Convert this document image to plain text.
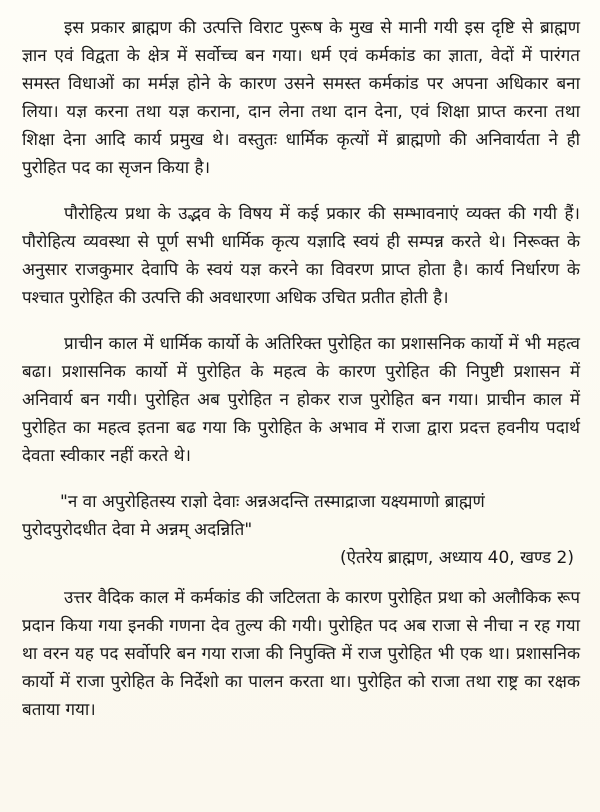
इस प्रकार ब्राह्मण की उत्पत्ति विराट पुरूष के मुख से मानी गयी इस दृष्टि से ब्राह्मण ज्ञान एवं विद्वता के क्षेत्र में सर्वोच्च बन गया। धर्म एवं कर्मकांड का ज्ञाता, वेदों में पारंगत समस्त विधाओं का मर्मज्ञ होने के कारण उसने समस्त कर्मकांड पर अपना अधिकार बना लिया। यज्ञ करना तथा यज्ञ कराना, दान लेना तथा दान देना, एवं शिक्षा प्राप्त करना तथा शिक्षा देना आदि कार्य प्रमुख थे। वस्तुतः धार्मिक कृत्यों में ब्राह्मणो की अनिवार्यता ने ही पुरोहित पद का सृजन किया है।

पौरोहित्य प्रथा के उद्भव के विषय में कई प्रकार की सम्भावनाएं व्यक्त की गयी हैं। पौरोहित्य व्यवस्था से पूर्ण सभी धार्मिक कृत्य यज्ञादि स्वयं ही सम्पन्न करते थे। निरूक्त के अनुसार राजकुमार देवापि के स्वयं यज्ञ करने का विवरण प्राप्त होता है। कार्य निर्धारण के पश्चात पुरोहित की उत्पत्ति की अवधारणा अधिक उचित प्रतीत होती है।

प्राचीन काल में धार्मिक कार्यो के अतिरिक्त पुरोहित का प्रशासनिक कार्यो में भी महत्व बढा। प्रशासनिक कार्यो में पुरोहित के महत्व के कारण पुरोहित की निपुष्टी प्रशासन में अनिवार्य बन गयी। पुरोहित अब पुरोहित न होकर राज पुरोहित बन गया। प्राचीन काल में पुरोहित का महत्व इतना बढ गया कि पुरोहित के अभाव में राजा द्वारा प्रदत्त हवनीय पदार्थ देवता स्वीकार नहीं करते थे।

"न वा अपुरोहितस्य राज्ञो देवाः अन्नअदन्ति तस्माद्राजा यक्ष्यमाणो ब्राह्मणं
पुरोदपुरोदधीत देवा मे अन्नम् अदन्निति"

(ऐतरेय ब्राह्मण, अध्याय 40, खण्ड 2)

उत्तर वैदिक काल में कर्मकांड की जटिलता के कारण पुरोहित प्रथा को अलौकिक रूप प्रदान किया गया इनकी गणना देव तुल्य की गयी। पुरोहित पद अब राजा से नीचा न रह गया था वरन यह पद सर्वोपरि बन गया राजा की निपुक्ति में राज पुरोहित भी एक था। प्रशासनिक कार्यो में राजा पुरोहित के निर्देशो का पालन करता था। पुरोहित को राजा तथा राष्ट्र का रक्षक बताया गया।
